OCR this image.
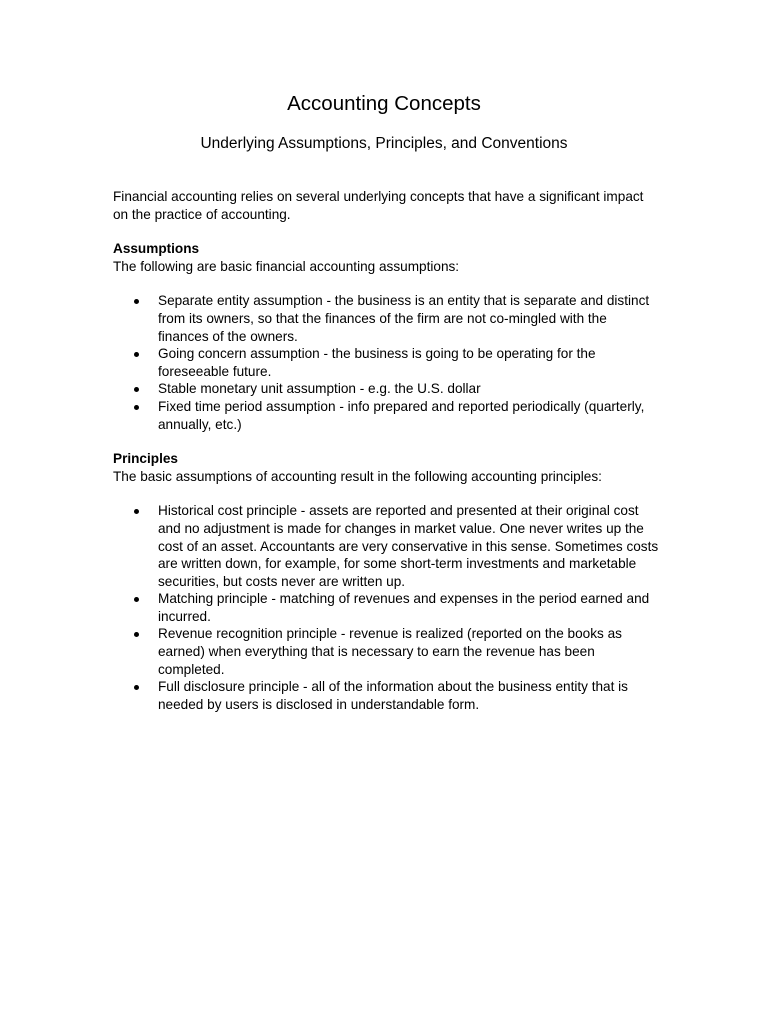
Accounting Concepts
Underlying Assumptions, Principles, and Conventions

Financial accounting relies on several underlying concepts that have a significant impact on the practice of accounting.

Assumptions

The following are basic financial accounting assumptions:

Separate entity assumption - the business is an entity that is separate and distinct from its owners, so that the finances of the firm are not co-mingled with the finances of the owners.
Going concern assumption - the business is going to be operating for the foreseeable future.
Stable monetary unit assumption - e.g. the U.S. dollar
Fixed time period assumption - info prepared and reported periodically (quarterly, annually, etc.)

Principles

The basic assumptions of accounting result in the following accounting principles:

Historical cost principle - assets are reported and presented at their original cost and no adjustment is made for changes in market value. One never writes up the cost of an asset. Accountants are very conservative in this sense. Sometimes costs are written down, for example, for some short-term investments and marketable securities, but costs never are written up.
Matching principle - matching of revenues and expenses in the period earned and incurred.
Revenue recognition principle - revenue is realized (reported on the books as earned) when everything that is necessary to earn the revenue has been completed.
Full disclosure principle - all of the information about the business entity that is needed by users is disclosed in understandable form.
